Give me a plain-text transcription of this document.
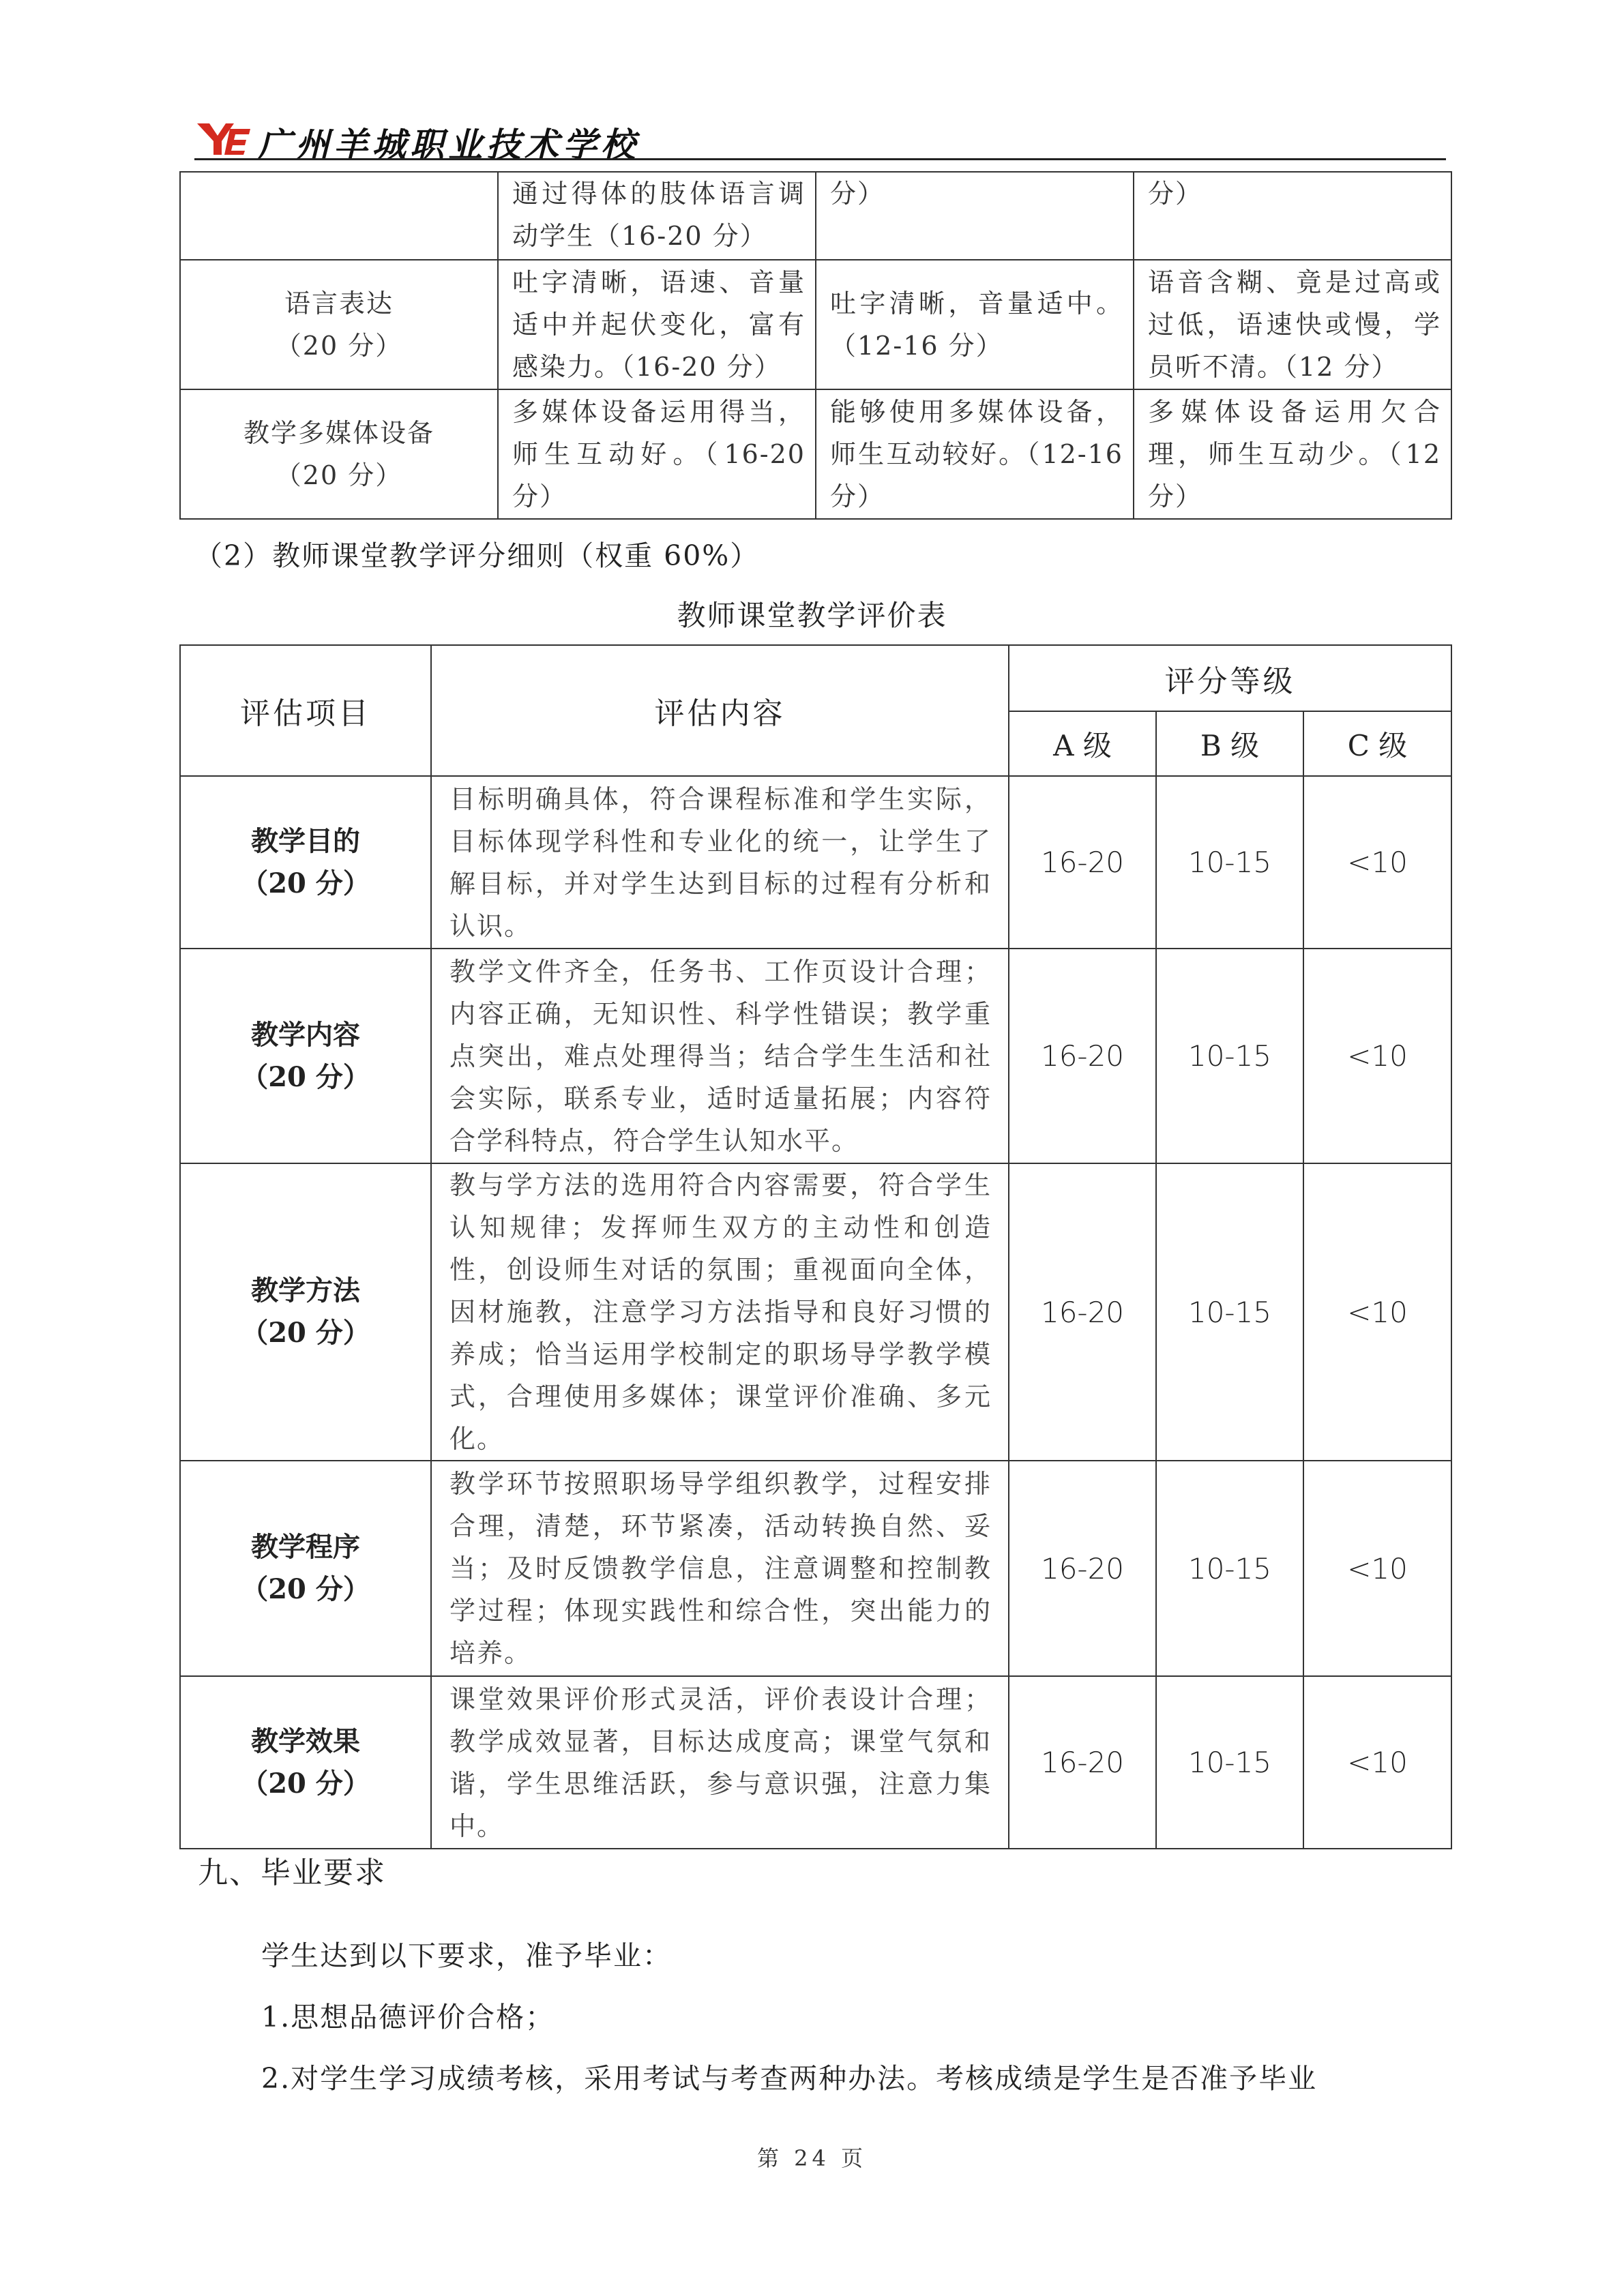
广州羊城职业技术学校
	通过得体的肢体语言调动学生（16-20 分）	分）	分）

语言表达
（20 分）	吐字清晰，语速、音量适中并起伏变化，富有感染力。（16-20 分）	吐字清晰，音量适中。（12-16 分）	语音含糊、竟是过高或过低，语速快或慢，学员听不清。（12 分）

教学多媒体设备
（20 分）	多媒体设备运用得当，师生互动好。（16-20 分）	能够使用多媒体设备，师生互动较好。（12-16 分）	多媒体设备运用欠合理，师生互动少。（12 分）
（2）教师课堂教学评分细则（权重 60%）
教师课堂教学评价表
评估项目	评估内容	评分等级		
		A 级	B 级	C 级

教学目的
（20 分）	目标明确具体，符合课程标准和学生实际，目标体现学科性和专业化的统一，让学生了解目标，并对学生达到目标的过程有分析和认识。	16-20	10-15	<10

教学内容
（20 分）	教学文件齐全，任务书、工作页设计合理；内容正确，无知识性、科学性错误；教学重点突出，难点处理得当；结合学生生活和社会实际，联系专业，适时适量拓展；内容符合学科特点，符合学生认知水平。	16-20	10-15	<10

教学方法
（20 分）	教与学方法的选用符合内容需要，符合学生认知规律；发挥师生双方的主动性和创造性，创设师生对话的氛围；重视面向全体，因材施教，注意学习方法指导和良好习惯的养成；恰当运用学校制定的职场导学教学模式，合理使用多媒体；课堂评价准确、多元化。	16-20	10-15	<10

教学程序
（20 分）	教学环节按照职场导学组织教学，过程安排合理，清楚，环节紧凑，活动转换自然、妥当；及时反馈教学信息，注意调整和控制教学过程；体现实践性和综合性，突出能力的培养。	16-20	10-15	<10

教学效果
（20 分）	课堂效果评价形式灵活，评价表设计合理；教学成效显著，目标达成度高；课堂气氛和谐，学生思维活跃，参与意识强，注意力集中。	16-20	10-15	<10
九、毕业要求
学生达到以下要求，准予毕业：
1.思想品德评价合格；
2.对学生学习成绩考核，采用考试与考查两种办法。考核成绩是学生是否准予毕业
第 24 页
